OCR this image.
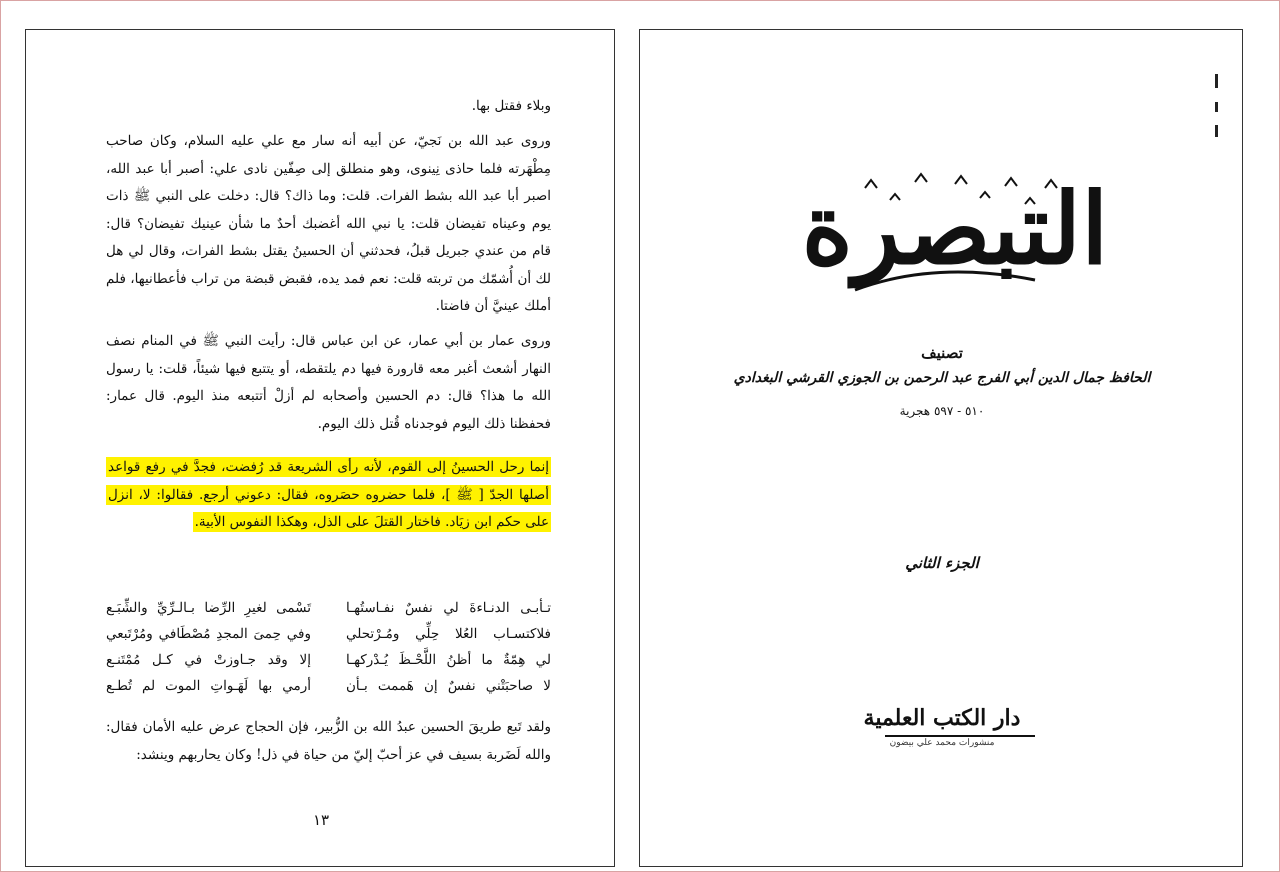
وبلاء فقتل بها.

وروى عبد الله بن نَجيّ، عن أبيه أنه سار مع علي عليه السلام، وكان صاحب مِطْهَرته فلما حاذى نِينوى، وهو منطلق إلى صِفّين نادى علي: أصبر أبا عبد الله، اصبر أبا عبد الله بشط الفرات. قلت: وما ذاك؟ قال: دخلت على النبي ﷺ ذات يوم وعيناه تفيضان قلت: يا نبي الله أغضبك أحدٌ ما شأن عينيك تفيضان؟ قال: قام من عندي جبريل قبلُ، فحدثني أن الحسينُ يقتل بشط الفرات، وقال لي هل لك أن أُشمّك من تربته قلت: نعم فمد يده، فقبض قبضة من تراب فأعطانيها، فلم أملك عينيَّ أن فاضتا.

وروى عمار بن أبي عمار، عن ابن عباس قال: رأيت النبي ﷺ في المنام نصف النهار أشعث أغبر معه قارورة فيها دم يلتقطه، أو يتتبع فيها شيئاً، قلت: يا رسول الله ما هذا؟ قال: دم الحسين وأصحابه لم أزلْ أتتبعه منذ اليوم. قال عمار: فحفظنا ذلك اليوم فوجدناه قُتل ذلك اليوم.

إنما رحل الحسينُ إلى القوم، لأنه رأى الشريعة قد رُفضت، فجدَّ في رفع قواعد أصلها الجدّ [ ﷺ ]، فلما حضروه حصَروه، فقال: دعوني أرجع. فقالوا: لا، انزل على حكم ابن زيَاد. فاختار القتلَ على الذل، وهكذا النفوس الأبية.

تـأبـى الدنـاءةَ لي نفسٌ نفـاستُهـا
تَسْمى لغيرِ الرِّضا بـالـرِّيِّ والشِّبَـع
فلاكتسـاب العُلا حِلِّي ومُـرْتحلي
وفي حِمىَ المجدِ مُصْطَافي ومُرْتَبعي
لي هِمّةٌ ما أظنُ اللَّحْـظَ يُـدْركهـا
إلا وقد جـاوزتْ في كـل مُمْتَنـع
لا صاحبَتْني نفسٌ إن هَممت بـأن
أرمي بها لَهَـواتِ الموت لم تُطـع

ولقد تَبع طريقَ الحسين عبدُ الله بن الزُّبير، فإن الحجاج عرض عليه الأمان فقال: والله لَضَربة بسيف في عز أحبّ إليّ من حياة في ذل! وكان يحاربهم وينشد:

١٣
التبصرة
تصنيف
الحافظ جمال الدين أبي الفرج عبد الرحمن بن الجوزي القرشي البغدادي
٥١٠ - ٥٩٧ هجرية
الجزء الثاني
دار الكتب العلمية
منشورات محمد علي بيضون
